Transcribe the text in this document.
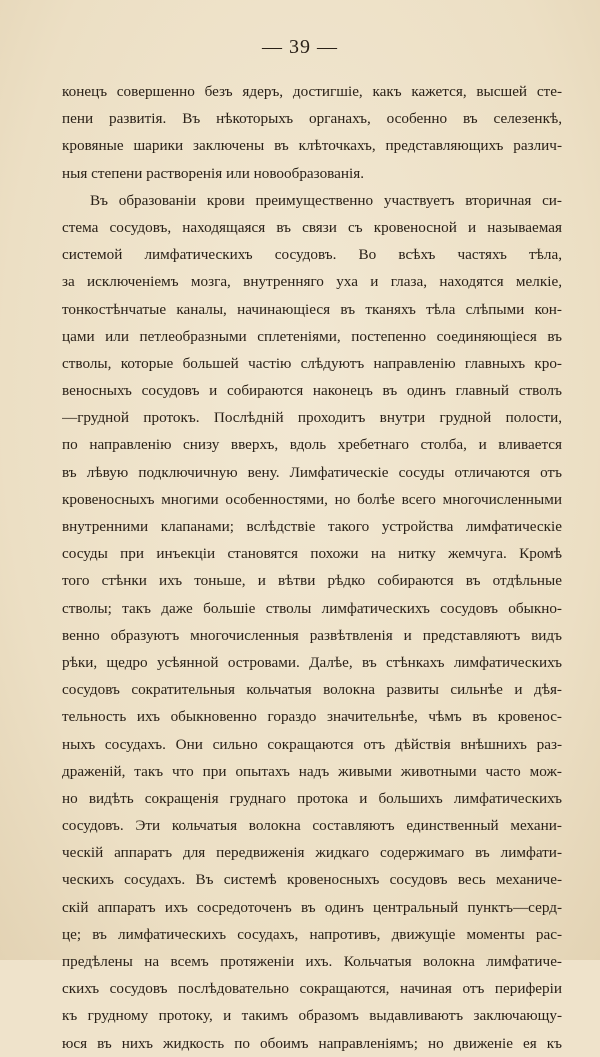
— 39 —
конецъ совершенно безъ ядеръ, достигшіе, какъ кажется, высшей сте-
пени развитія. Въ нѣкоторыхъ органахъ, особенно въ селезенкѣ,
кровяные шарики заключены въ клѣточкахъ, представляющихъ различ-
ныя степени растворенія или новообразованія.
Въ образованіи крови преимущественно участвуетъ вторичная си-
стема сосудовъ, находящаяся въ связи съ кровеносной и называемая
системой лимфатическихъ сосудовъ. Во всѣхъ частяхъ тѣла,
за исключеніемъ мозга, внутренняго уха и глаза, находятся мелкіе,
тонкостѣнчатые каналы, начинающіеся въ тканяхъ тѣла слѣпыми кон-
цами или петлеобразными сплетеніями, постепенно соединяющіеся въ
стволы, которые большей частію слѣдуютъ направленію главныхъ кро-
веносныхъ сосудовъ и собираются наконецъ въ одинъ главный стволъ
—грудной протокъ. Послѣдній проходитъ внутри грудной полости,
по направленію снизу вверхъ, вдоль хребетнаго столба, и вливается
въ лѣвую подключичную вену. Лимфатическіе сосуды отличаются отъ
кровеносныхъ многими особенностями, но болѣе всего многочисленными
внутренними клапанами; вслѣдствіе такого устройства лимфатическіе
сосуды при инъекціи становятся похожи на нитку жемчуга. Кромѣ
того стѣнки ихъ тоньше, и вѣтви рѣдко собираются въ отдѣльные
стволы; такъ даже большіе стволы лимфатическихъ сосудовъ обыкно-
венно образуютъ многочисленныя развѣтвленія и представляютъ видъ
рѣки, щедро усѣянной островами. Далѣе, въ стѣнкахъ лимфатическихъ
сосудовъ сократительныя кольчатыя волокна развиты сильнѣе и дѣя-
тельность ихъ обыкновенно гораздо значительнѣе, чѣмъ въ кровенос-
ныхъ сосудахъ. Они сильно сокращаются отъ дѣйствія внѣшнихъ раз-
драженій, такъ что при опытахъ надъ живыми животными часто мож-
но видѣть сокращенія груднаго протока и большихъ лимфатическихъ
сосудовъ. Эти кольчатыя волокна составляютъ единственный механи-
ческій аппаратъ для передвиженія жидкаго содержимаго въ лимфати-
ческихъ сосудахъ. Въ системѣ кровеносныхъ сосудовъ весь механиче-
скій аппаратъ ихъ сосредоточенъ въ одинъ центральный пунктъ—серд-
це; въ лимфатическихъ сосудахъ, напротивъ, движущіе моменты рас-
предѣлены на всемъ протяженіи ихъ. Кольчатыя волокна лимфатиче-
скихъ сосудовъ послѣдовательно сокращаются, начиная отъ периферіи
къ грудному протоку, и такимъ образомъ выдавливаютъ заключающу-
юся въ нихъ жидкость по обоимъ направленіямъ; но движеніе ея къ
